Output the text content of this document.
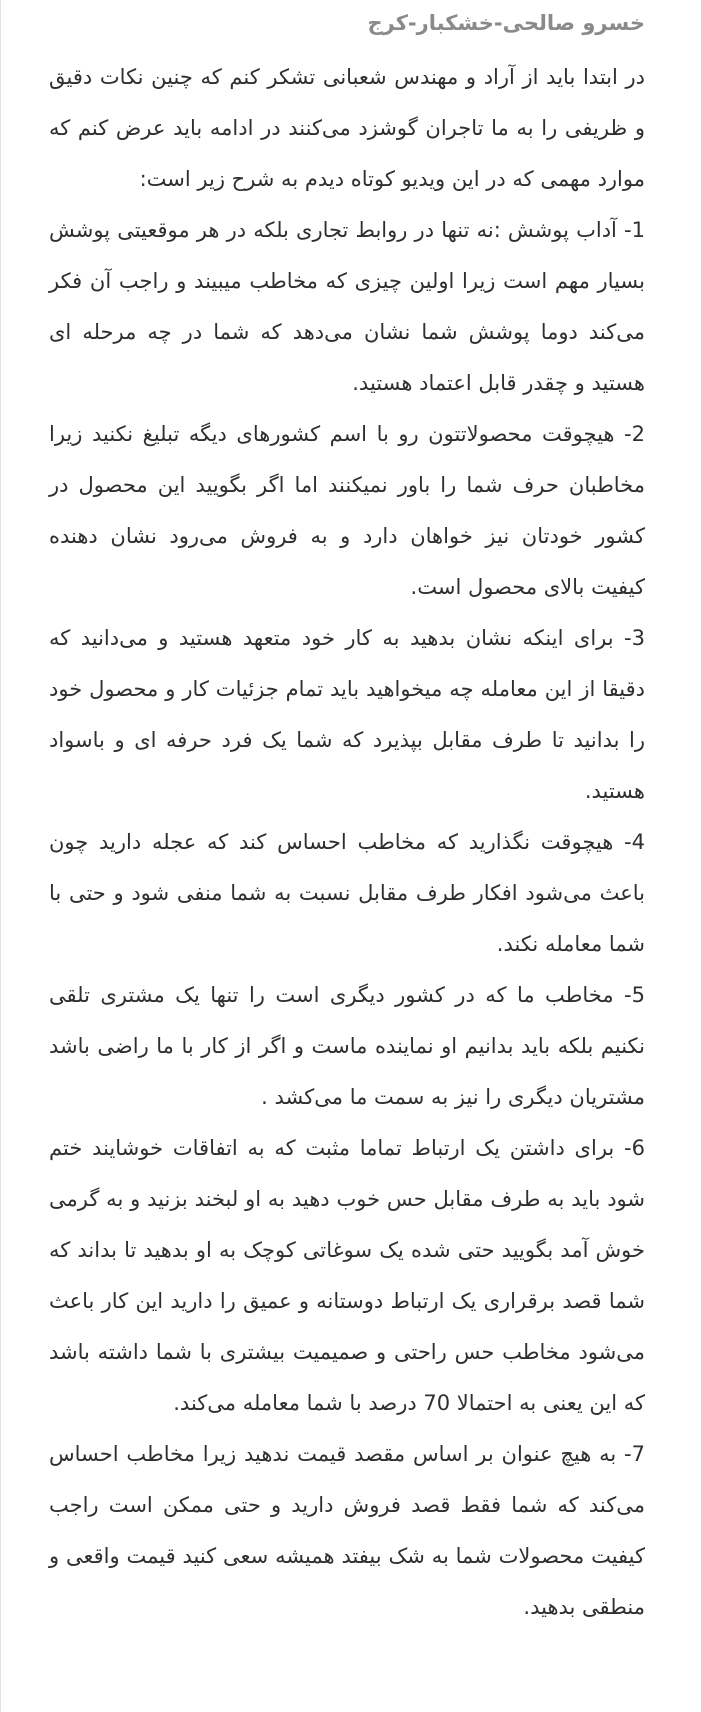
خسرو صالحی-خشکبار-کرج

در ابتدا باید از آراد و مهندس شعبانی تشکر کنم که چنین نکات دقیق و ظریفی را به ما تاجران گوشزد می‌کنند در ادامه باید عرض کنم که موارد مهمی که در این ویدیو کوتاه دیدم به شرح زیر است:

1- آداب پوشش :نه تنها در روابط تجاری بلکه در هر موقعیتی پوشش بسیار مهم است زیرا اولین چیزی که مخاطب میبیند و راجب آن فکر می‌کند دوما پوشش شما نشان می‌دهد که شما در چه مرحله ای هستید و چقدر قابل اعتماد هستید.

2- هیچوقت محصولاتتون رو با اسم کشورهای دیگه تبلیغ نکنید زیرا مخاطبان حرف شما را باور نمیکنند اما اگر بگویید این محصول در کشور خودتان نیز خواهان دارد و به فروش می‌رود نشان دهنده کیفیت بالای محصول است.

3- برای اینکه نشان بدهید به کار خود متعهد هستید و می‌دانید که دقیقا از این معامله چه میخواهید باید تمام جزئیات کار و محصول خود را بدانید تا طرف مقابل بپذیرد که شما یک فرد حرفه ای و باسواد هستید.

4- هیچوقت نگذارید که مخاطب احساس کند که عجله دارید چون باعث می‌شود افکار طرف مقابل نسبت به شما منفی شود و حتی با شما معامله نکند.

5- مخاطب ما که در کشور دیگری است را تنها یک مشتری تلقی نکنیم بلکه باید بدانیم او نماینده ماست و اگر از کار با ما راضی باشد مشتریان دیگری را نیز به سمت ما می‌کشد .

6- برای داشتن یک ارتباط تماما مثبت که به اتفاقات خوشایند ختم شود باید به طرف مقابل حس خوب دهید به او لبخند بزنید و به گرمی خوش آمد بگویید حتی شده یک سوغاتی کوچک به او بدهید تا بداند که شما قصد برقراری یک ارتباط دوستانه و عمیق را دارید این کار باعث می‌شود مخاطب حس راحتی و صمیمیت بیشتری با شما داشته باشد که این یعنی به احتمالا 70 درصد با شما معامله می‌کند.

7- به هیچ عنوان بر اساس مقصد قیمت ندهید زیرا مخاطب احساس می‌کند که شما فقط قصد فروش دارید و حتی ممکن است راجب کیفیت محصولات شما به شک بیفتد همیشه سعی کنید قیمت واقعی و منطقی بدهید.
